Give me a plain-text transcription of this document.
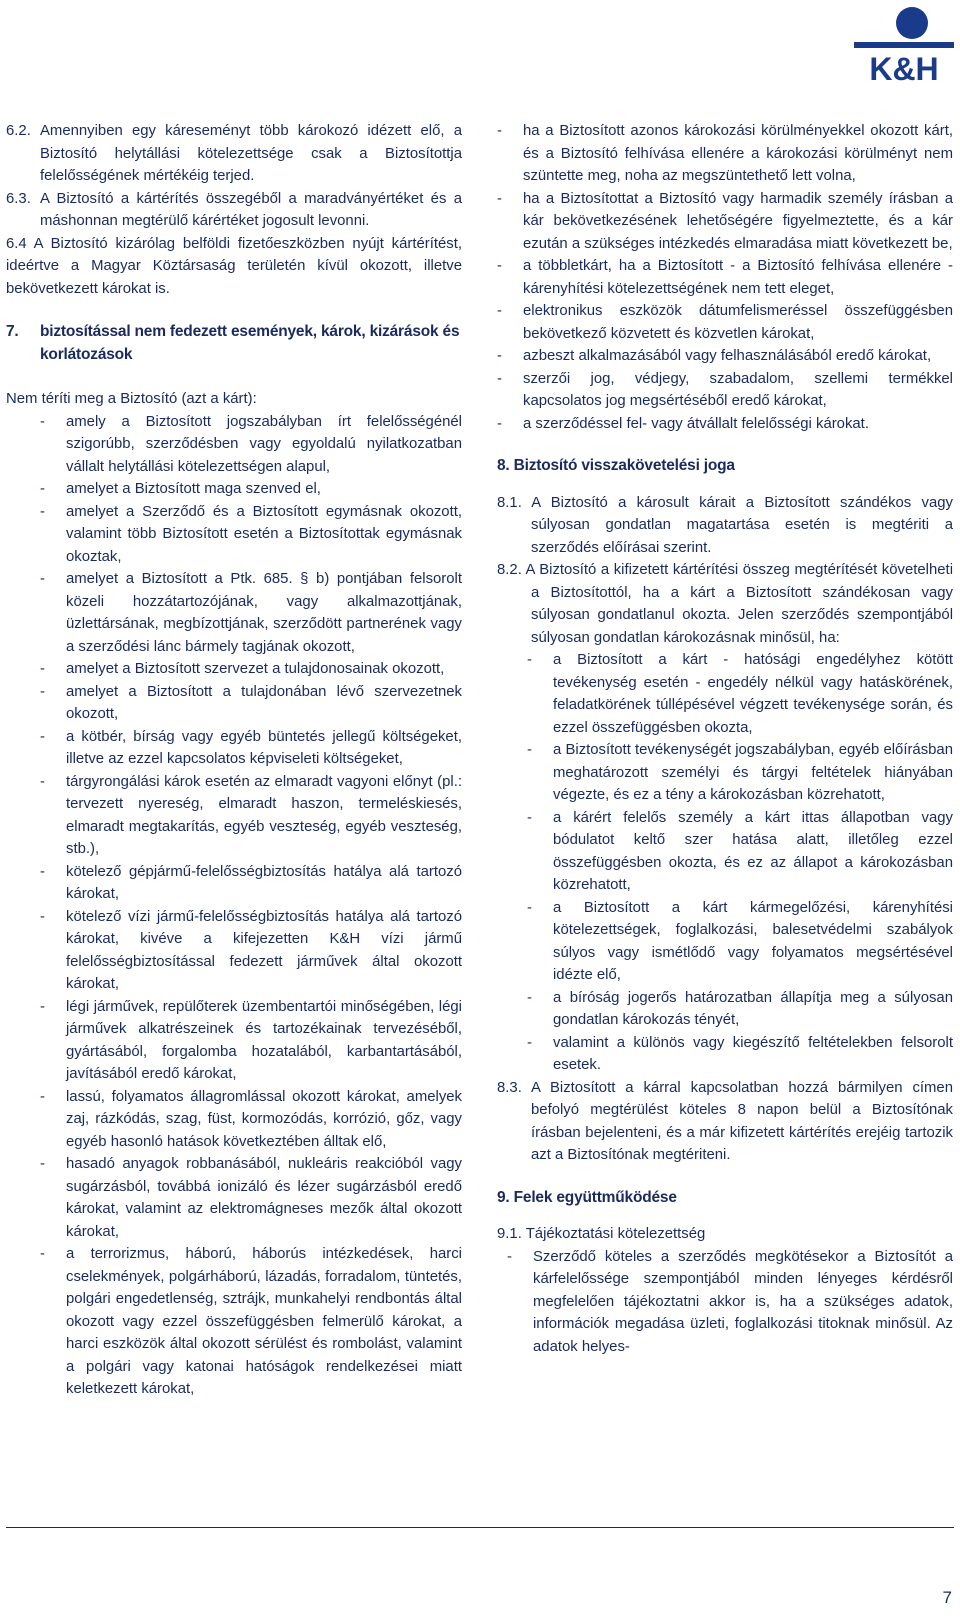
K&H
6.2. Amennyiben egy káreseményt több károkozó idézett elő, a Biztosító helytállási kötelezettsége csak a Biztosítottja felelősségének mértékéig terjed.
6.3. A Biztosító a kártérítés összegéből a maradványértéket és a máshonnan megtérülő kárértéket jogosult levonni.

6.4 A Biztosító kizárólag belföldi fizetőeszközben nyújt kártérítést, ideértve a Magyar Köztársaság területén kívül okozott, illetve bekövetkezett károkat is.

7.	biztosítással nem fedezett események, károk, kizárások és korlátozások

Nem téríti meg a Biztosító (azt a kárt):

-	amely a Biztosított jogszabályban írt felelősségénél szigorúbb, szerződésben vagy egyoldalú nyilatkozatban vállalt helytállási kötelezettségen alapul,
-	amelyet a Biztosított maga szenved el,
-	amelyet a Szerződő és a Biztosított egymásnak okozott, valamint több Biztosított esetén a Biztosítottak egymásnak okoztak,
-	amelyet a Biztosított a Ptk. 685. § b) pontjában felsorolt közeli hozzátartozójának, vagy alkalmazottjának, üzlettársának, megbízottjának, szerződött partnerének vagy a szerződési lánc bármely tagjának okozott,
-	amelyet a Biztosított szervezet a tulajdonosainak okozott,
-	amelyet a Biztosított a tulajdonában lévő szervezetnek okozott,
-	a kötbér, bírság vagy egyéb büntetés jellegű költségeket, illetve az ezzel kapcsolatos képviseleti költségeket,
-	tárgyrongálási károk esetén az elmaradt vagyoni előnyt (pl.: tervezett nyereség, elmaradt haszon, termeléskiesés, elmaradt megtakarítás, egyéb veszteség, egyéb veszteség, stb.),
-	kötelező gépjármű-felelősségbiztosítás hatálya alá tartozó károkat,
-	kötelező vízi jármű-felelősségbiztosítás hatálya alá tartozó károkat, kivéve a kifejezetten K&H vízi jármű felelősségbiztosítással fedezett járművek által okozott károkat,
-	légi járművek, repülőterek üzembentartói minőségében, légi járművek alkatrészeinek és tartozékainak tervezéséből, gyártásából, forgalomba hozatalából, karbantartásából, javításából eredő károkat,
-	lassú, folyamatos állagromlással okozott károkat, amelyek zaj, rázkódás, szag, füst, kormozódás, korrózió, gőz, vagy egyéb hasonló hatások következtében álltak elő,
-	hasadó anyagok robbanásából, nukleáris reakcióból vagy sugárzásból, továbbá ionizáló és lézer sugárzásból eredő károkat, valamint az elektromágneses mezők által okozott károkat,
-	a terrorizmus, háború, háborús intézkedések, harci cselekmények, polgárháború, lázadás, forradalom, tüntetés, polgári engedetlenség, sztrájk, munkahelyi rendbontás által okozott vagy ezzel összefüggésben felmerülő károkat, a harci eszközök által okozott sérülést és rombolást, valamint a polgári vagy katonai hatóságok rendelkezései miatt keletkezett károkat,
-	ha a Biztosított azonos károkozási körülményekkel okozott kárt, és a Biztosító felhívása ellenére a károkozási körülményt nem szüntette meg, noha az megszüntethető lett volna,
-	ha a Biztosítottat a Biztosító vagy harmadik személy írásban a kár bekövetkezésének lehetőségére figyelmeztette, és a kár ezután a szükséges intézkedés elmaradása miatt következett be,
-	a többletkárt, ha a Biztosított - a Biztosító felhívása ellenére - kárenyhítési kötelezettségének nem tett eleget,
-	elektronikus eszközök dátumfelismeréssel összefüggésben bekövetkező közvetett és közvetlen károkat,
-	azbeszt alkalmazásából vagy felhasználásából eredő károkat,
-	szerzői jog, védjegy, szabadalom, szellemi termékkel kapcsolatos jog megsértéséből eredő károkat,
-	a szerződéssel fel- vagy átvállalt felelősségi károkat.

8. Biztosító visszakövetelési joga

8.1. A Biztosító a károsult kárait a Biztosított szándékos vagy súlyosan gondatlan magatartása esetén is megtériti a szerződés előírásai szerint.

8.2. A Biztosító a kifizetett kártérítési összeg megtérítését követelheti a Biztosítottól, ha a kárt a Biztosított szándékosan vagy súlyosan gondatlanul okozta. Jelen szerződés szempontjából súlyosan gondatlan károkozásnak minősül, ha:

-	a Biztosított a kárt - hatósági engedélyhez kötött tevékenység esetén - engedély nélkül vagy hatáskörének, feladatkörének túllépésével végzett tevékenysége során, és ezzel összefüggésben okozta,
-	a Biztosított tevékenységét jogszabályban, egyéb előírásban meghatározott személyi és tárgyi feltételek hiányában végezte, és ez a tény a károkozásban közrehatott,
-	a kárért felelős személy a kárt ittas állapotban vagy bódulatot keltő szer hatása alatt, illetőleg ezzel összefüggésben okozta, és ez az állapot a károkozásban közrehatott,
-	a Biztosított a kárt kármegelőzési, kárenyhítési kötelezettségek, foglalkozási, balesetvédelmi szabályok súlyos vagy ismétlődő vagy folyamatos megsértésével idézte elő,
-	a bíróság jogerős határozatban állapítja meg a súlyosan gondatlan károkozás tényét,
-	valamint a különös vagy kiegészítő feltételekben felsorolt esetek.

8.3. A Biztosított a kárral kapcsolatban hozzá bármilyen címen befolyó megtérülést köteles 8 napon belül a Biztosítónak írásban bejelenteni, és a már kifizetett kártérítés erejéig tartozik azt a Biztosítónak megtériteni.

9. Felek együttműködése

9.1. Tájékoztatási kötelezettség

-	Szerződő köteles a szerződés megkötésekor a Biztosítót a kárfelelőssége szempontjából minden lényeges kérdésről megfelelően tájékoztatni akkor is, ha a szükséges adatok, információk megadása üzleti, foglalkozási titoknak minősül. Az adatok helyes-
7
